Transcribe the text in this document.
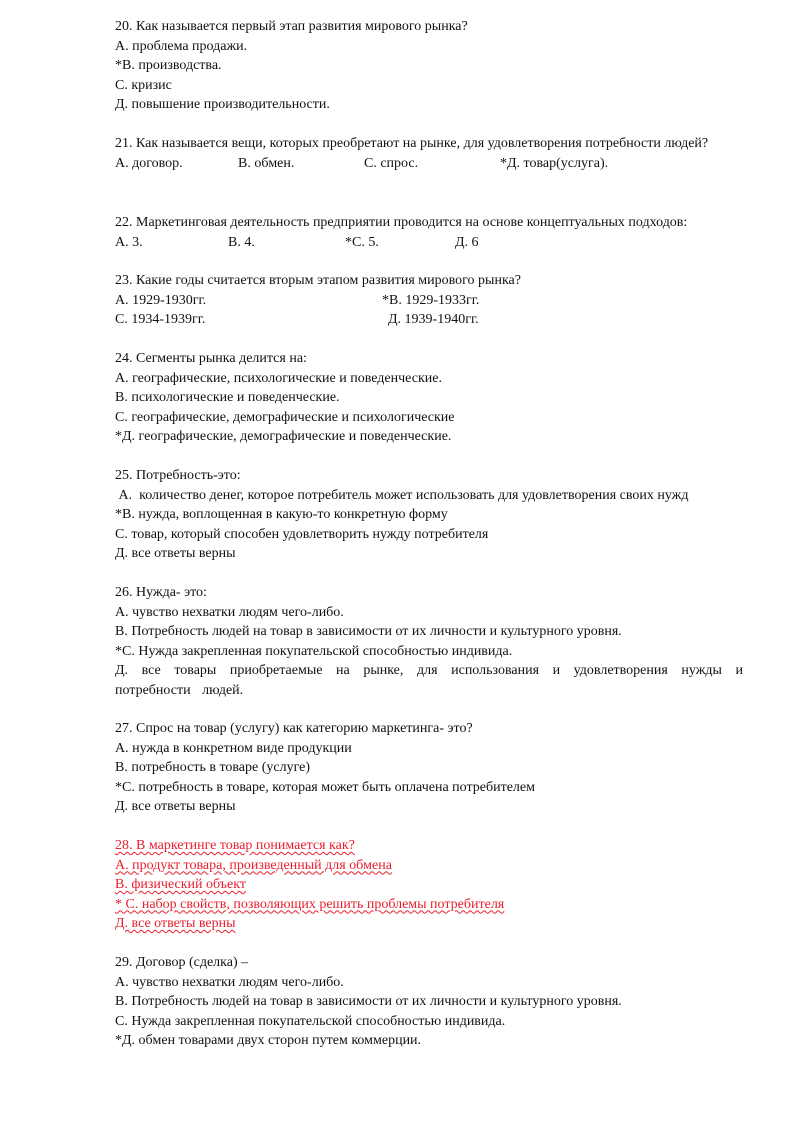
20. Как называется первый этап развития мирового рынка?
А. проблема продажи.
*В. производства.
С. кризис
Д. повышение производительности.
21. Как называется вещи, которых преобретают на рынке, для удовлетворения потребности людей?
А. договор.	В. обмен.	С. спрос.	*Д. товар(услуга).
22. Маркетинговая деятельность предприятии проводится на основе концептуальных подходов:
А. 3.	В. 4.	*С. 5.	Д. 6
23. Какие годы считается вторым этапом развития мирового рынка?
А. 1929-1930гг.	*В. 1929-1933гг.
С. 1934-1939гг.	Д. 1939-1940гг.
24. Сегменты рынка делится на:
А. географические, психологические и поведенческие.
В. психологические и поведенческие.
С. географические, демографические и психологические
*Д. географические, демографические и поведенческие.
25. Потребность-это:
А.  количество денег, которое потребитель может использовать для удовлетворения своих нужд
*В. нужда, воплощенная в какую-то конкретную форму
С. товар, который способен удовлетворить нужду потребителя
Д. все ответы верны
26. Нужда- это:
А. чувство нехватки людям чего-либо.
В. Потребность людей на товар в зависимости от их личности и культурного уровня.
*С. Нужда закрепленная покупательской способностью индивида.
Д. все товары приобретаемые на рынке, для использования и удовлетворения нужды и потребности людей.
27. Спрос на товар (услугу) как категорию маркетинга- это?
А. нужда в конкретном виде продукции
В. потребность в товаре (услуге)
*С. потребность в товаре, которая может быть оплачена потребителем
Д. все ответы верны
28. В маркетинге товар понимается как?
А. продукт товара, произведенный для обмена
В. физический объект
* С. набор свойств, позволяющих решить проблемы потребителя
Д. все ответы верны
29. Договор (сделка) –
А. чувство нехватки людям чего-либо.
В. Потребность людей на товар в зависимости от их личности и культурного уровня.
С. Нужда закрепленная покупательской способностью индивида.
*Д. обмен товарами двух сторон путем коммерции.
